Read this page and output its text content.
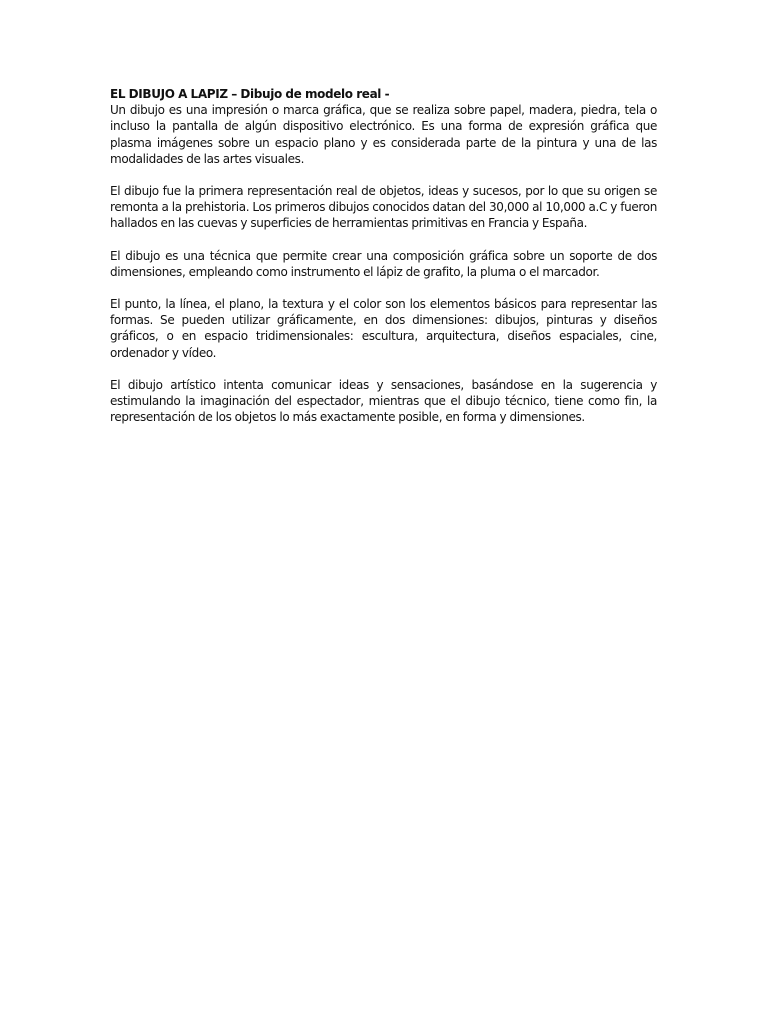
EL DIBUJO A LAPIZ – Dibujo de modelo real -

Un dibujo es una impresión o marca gráfica, que se realiza sobre papel, madera, piedra, tela o incluso la pantalla de algún dispositivo electrónico. Es una forma de expresión gráfica que plasma imágenes sobre un espacio plano y es considerada parte de la pintura y una de las modalidades de las artes visuales.

El dibujo fue la primera representación real de objetos, ideas y sucesos, por lo que su origen se remonta a la prehistoria. Los primeros dibujos conocidos datan del 30,000 al 10,000 a.C y fueron hallados en las cuevas y superficies de herramientas primitivas en Francia y España.

El dibujo es una técnica que permite crear una composición gráfica sobre un soporte de dos dimensiones, empleando como instrumento el lápiz de grafito, la pluma o el marcador.

El punto, la línea, el plano, la textura y el color son los elementos básicos para representar las formas. Se pueden utilizar gráficamente, en dos dimensiones: dibujos, pinturas y diseños gráficos, o en espacio tridimensionales: escultura, arquitectura, diseños espaciales, cine, ordenador y vídeo.

El dibujo artístico intenta comunicar ideas y sensaciones, basándose en la sugerencia y estimulando la imaginación del espectador, mientras que el dibujo técnico, tiene como fin, la representación de los objetos lo más exactamente posible, en forma y dimensiones.
